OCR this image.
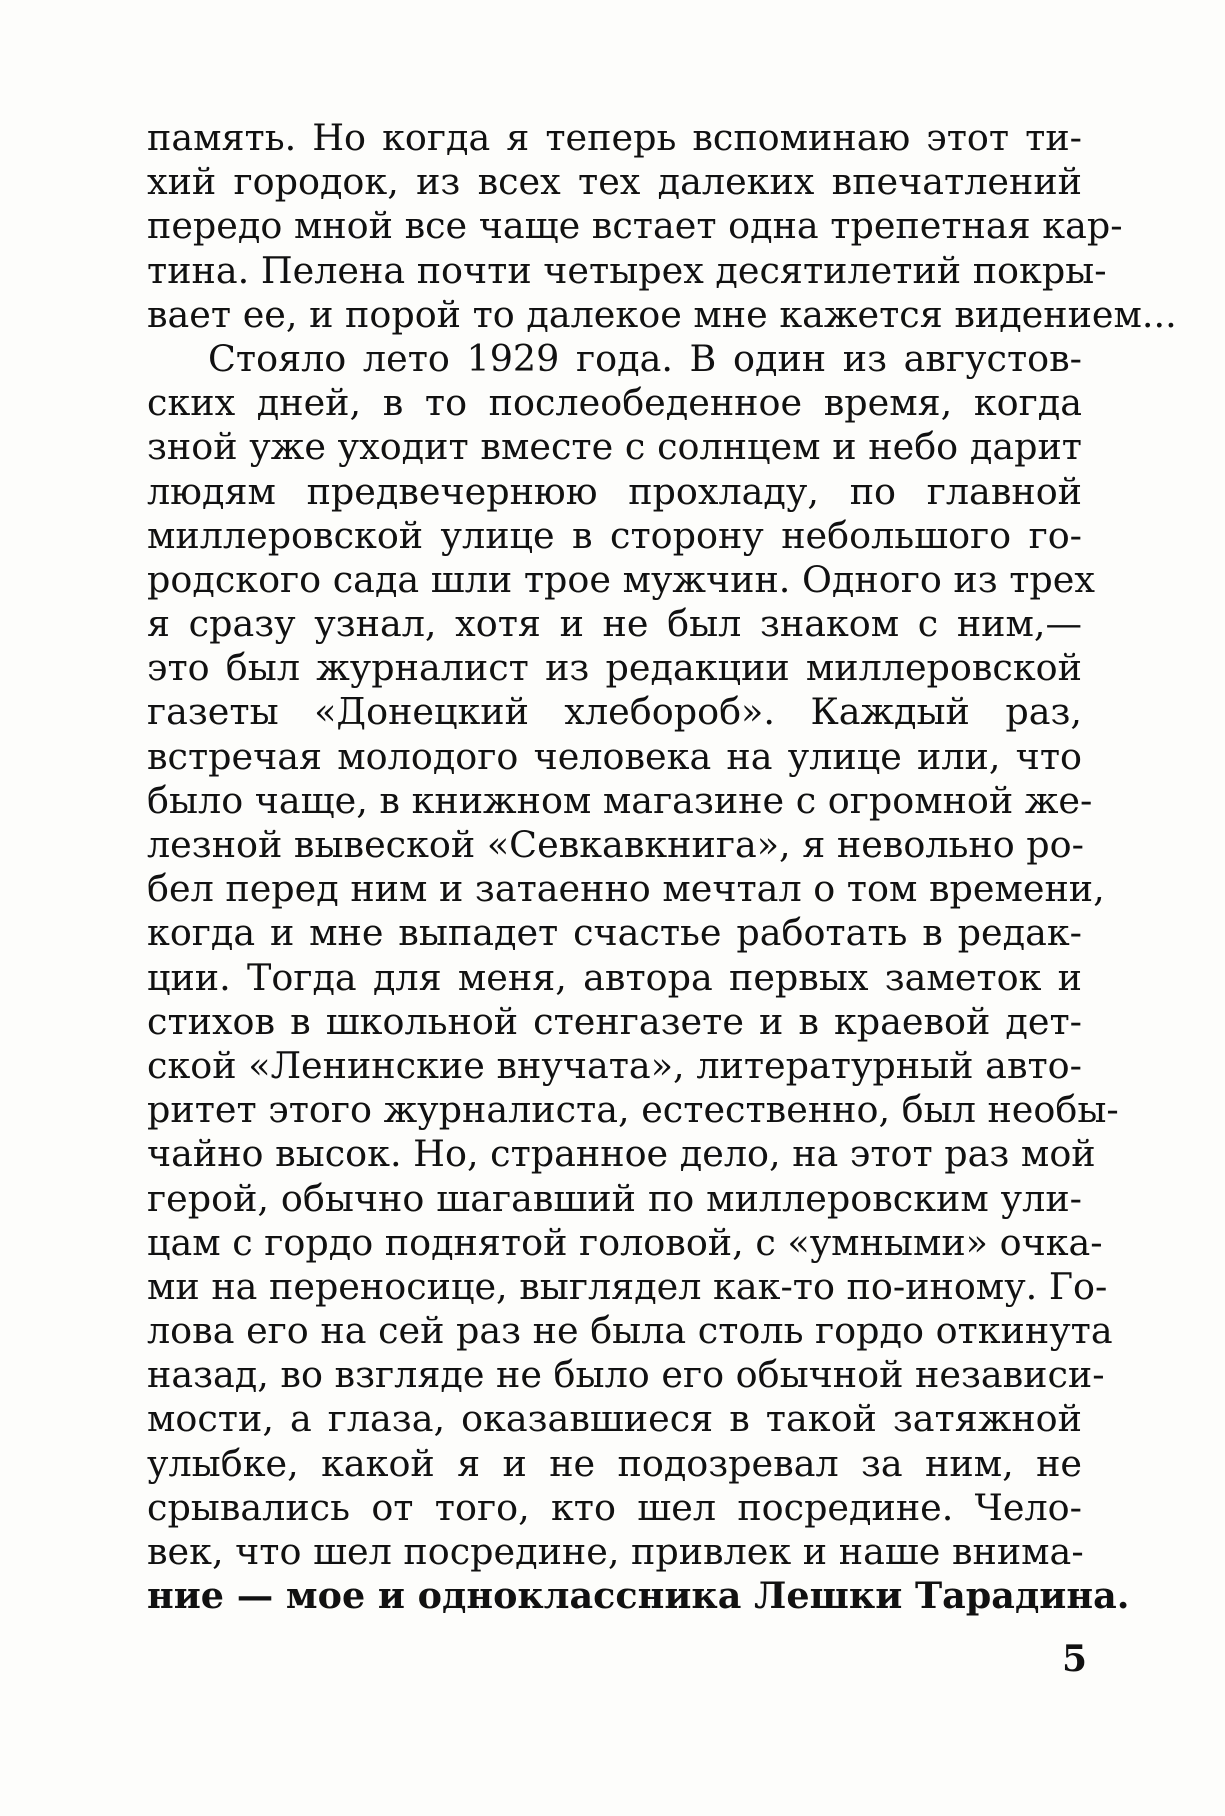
память. Но когда я теперь вспоминаю этот ти-
хий городок, из всех тех далеких впечатлений
передо мной все чаще встает одна трепетная кар-
тина. Пелена почти четырех десятилетий покры-
вает ее, и порой то далекое мне кажется видением...
Стояло лето 1929 года. В один из августов-
ских дней, в то послеобеденное время, когда
зной уже уходит вместе с солнцем и небо дарит
людям предвечернюю прохладу, по главной
миллеровской улице в сторону небольшого го-
родского сада шли трое мужчин. Одного из трех
я сразу узнал, хотя и не был знаком с ним,—
это был журналист из редакции миллеровской
газеты «Донецкий хлебороб». Каждый раз,
встречая молодого человека на улице или, что
было чаще, в книжном магазине с огромной же-
лезной вывеской «Севкавкнига», я невольно ро-
бел перед ним и затаенно мечтал о том времени,
когда и мне выпадет счастье работать в редак-
ции. Тогда для меня, автора первых заметок и
стихов в школьной стенгазете и в краевой дет-
ской «Ленинские внучата», литературный авто-
ритет этого журналиста, естественно, был необы-
чайно высок. Но, странное дело, на этот раз мой
герой, обычно шагавший по миллеровским ули-
цам с гордо поднятой головой, с «умными» очка-
ми на переносице, выглядел как-то по-иному. Го-
лова его на сей раз не была столь гордо откинута
назад, во взгляде не было его обычной независи-
мости, а глаза, оказавшиеся в такой затяжной
улыбке, какой я и не подозревал за ним, не
срывались от того, кто шел посредине. Чело-
век, что шел посредине, привлек и наше внима-
ние — мое и одноклассника Лешки Тарадина.
5
